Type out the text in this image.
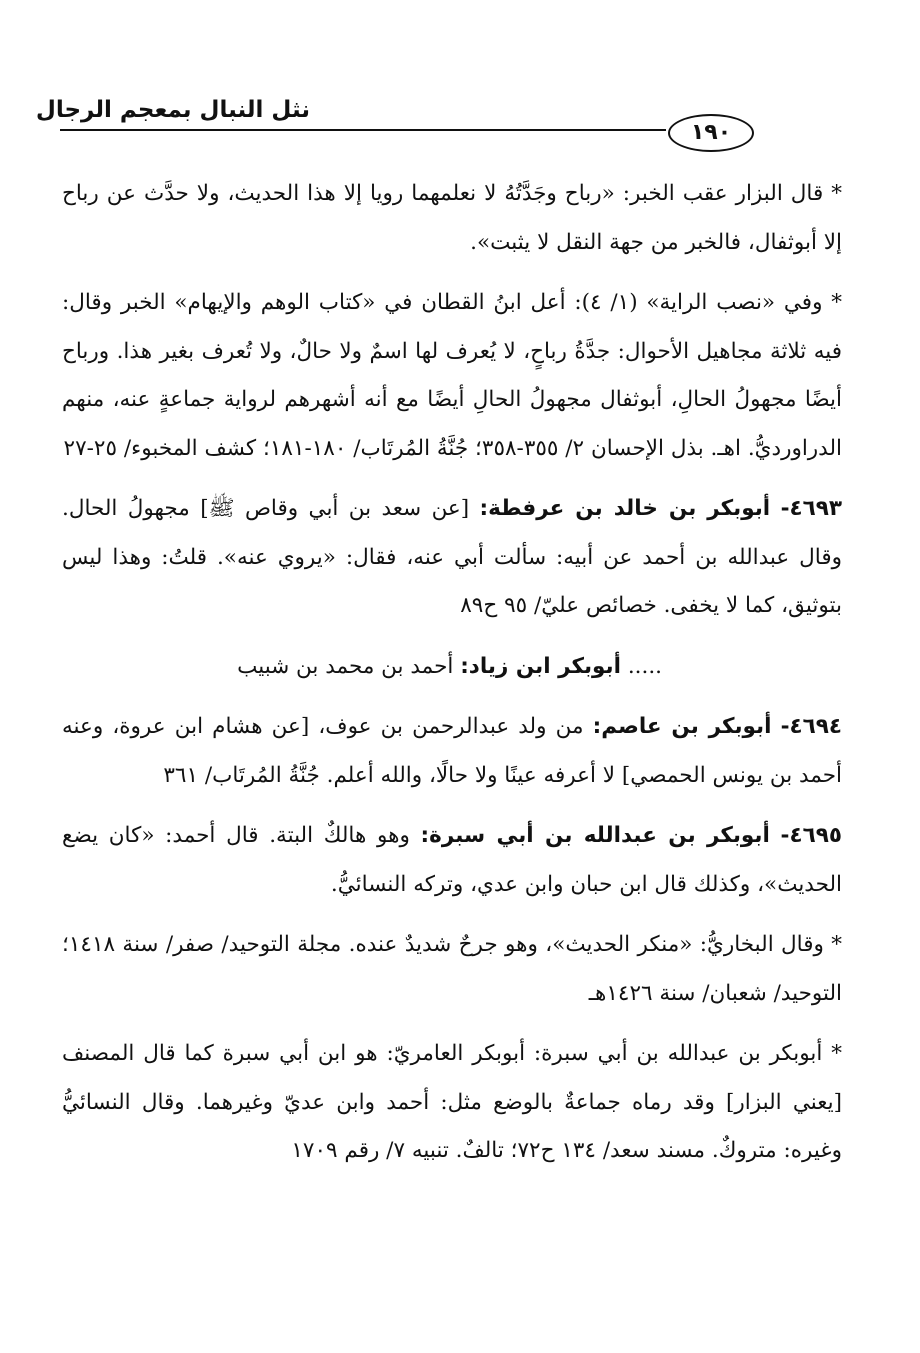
نثل النبال بمعجم الرجال
١٩٠

* قال البزار عقب الخبر: «رباح وجَدَّتُهُ لا نعلمهما رويا إلا هذا الحديث، ولا حدَّث عن رباح إلا أبوثفال، فالخبر من جهة النقل لا يثبت».

* وفي «نصب الراية» (١/ ٤): أعل ابنُ القطان في «كتاب الوهم والإيهام» الخبر وقال: فيه ثلاثة مجاهيل الأحوال: جدَّةُ رباحٍ، لا يُعرف لها اسمٌ ولا حالٌ، ولا تُعرف بغير هذا. ورباح أيضًا مجهولُ الحالِ، أبوثفال مجهولُ الحالِ أيضًا مع أنه أشهرهم لرواية جماعةٍ عنه، منهم الدراورديُّ. اهـ. بذل الإحسان ٢/ ٣٥٥-٣٥٨؛ جُنَّةُ المُرتَاب/ ١٨٠-١٨١؛ كشف المخبوء/ ٢٥-٢٧

٤٦٩٣- أبوبكر بن خالد بن عرفطة: [عن سعد بن أبي وقاص ﷺ] مجهولُ الحال. وقال عبدالله بن أحمد عن أبيه: سألت أبي عنه، فقال: «يروي عنه». قلتُ: وهذا ليس بتوثيق، كما لا يخفى. خصائص عليّ/ ٩٥ ح٨٩

..... أبوبكر ابن زياد: أحمد بن محمد بن شبيب

٤٦٩٤- أبوبكر بن عاصم: من ولد عبدالرحمن بن عوف، [عن هشام ابن عروة، وعنه أحمد بن يونس الحمصي] لا أعرفه عينًا ولا حالًا، والله أعلم. جُنَّةُ المُرتَاب/ ٣٦١

٤٦٩٥- أبوبكر بن عبدالله بن أبي سبرة: وهو هالكٌ البتة. قال أحمد: «كان يضع الحديث»، وكذلك قال ابن حبان وابن عدي، وتركه النسائيُّ.

* وقال البخاريُّ: «منكر الحديث»، وهو جرحٌ شديدٌ عنده. مجلة التوحيد/ صفر/ سنة ١٤١٨؛ التوحيد/ شعبان/ سنة ١٤٢٦هـ

* أبوبكر بن عبدالله بن أبي سبرة: أبوبكر العامريّ: هو ابن أبي سبرة كما قال المصنف [يعني البزار] وقد رماه جماعةٌ بالوضع مثل: أحمد وابن عديّ وغيرهما. وقال النسائيُّ وغيره: متروكٌ. مسند سعد/ ١٣٤ ح٧٢؛ تالفٌ. تنبيه ٧/ رقم ١٧٠٩
